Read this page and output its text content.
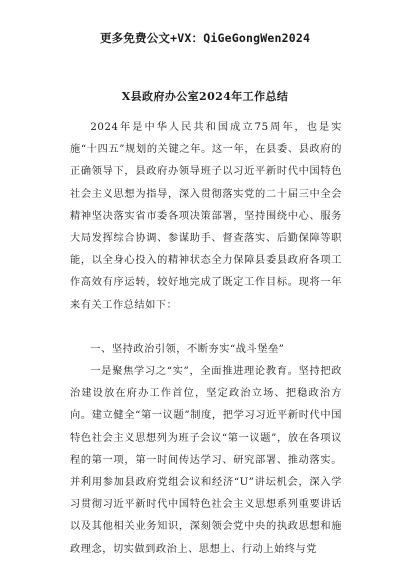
更多免费公文+VX：QiGeGongWen2024
X县政府办公室2024年工作总结

2024年是中华人民共和国成立75周年，也是实施“十四五”规划的关键之年。这一年，在县委、县政府的正确领导下，县政府办领导班子以习近平新时代中国特色社会主义思想为指导，深入贯彻落实党的二十届三中全会精神坚决落实省市委各项决策部署，坚持围绕中心、服务大局发挥综合协调、参谋助手、督查落实、后勤保障等职能，以全身心投入的精神状态全力保障县委县政府各项工作高效有序运转，较好地完成了既定工作目标。现将一年来有关工作总结如下：

一、坚持政治引领，不断夯实“战斗堡垒”

一是聚焦学习之“实”，全面推进理论教育。坚持把政治建设放在府办工作首位，坚定政治立场、把稳政治方向。建立健全“第一议题”制度，把学习习近平新时代中国特色社会主义思想列为班子会议“第一议题”，放在各项议程的第一项，第一时间传达学习、研究部署、推动落实。并利用参加县政府党组会议和经济“U”讲坛机会，深入学习贯彻习近平新时代中国特色社会主义思想系列重要讲话以及其他相关业务知识，深刻领会党中央的执政思想和施政理念，切实做到政治上、思想上、行动上始终与党
